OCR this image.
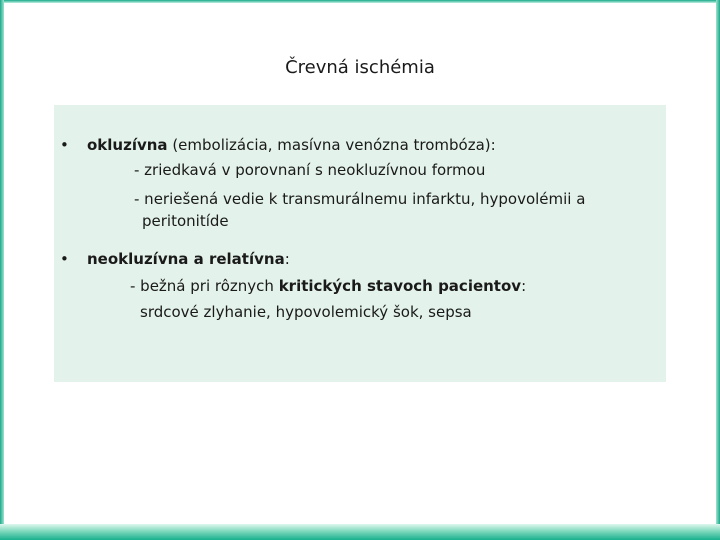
Črevná ischémia
• okluzívna (embolizácia, masívna venózna trombóza):
- zriedkavá v porovnaní s neokluzívnou formou
- neriešená vedie k transmurálnemu infarktu, hypovolémii a
peritonitíde
• neokluzívna a relatívna:
- bežná pri rôznych kritických stavoch pacientov:
srdcové zlyhanie, hypovolemický šok, sepsa
